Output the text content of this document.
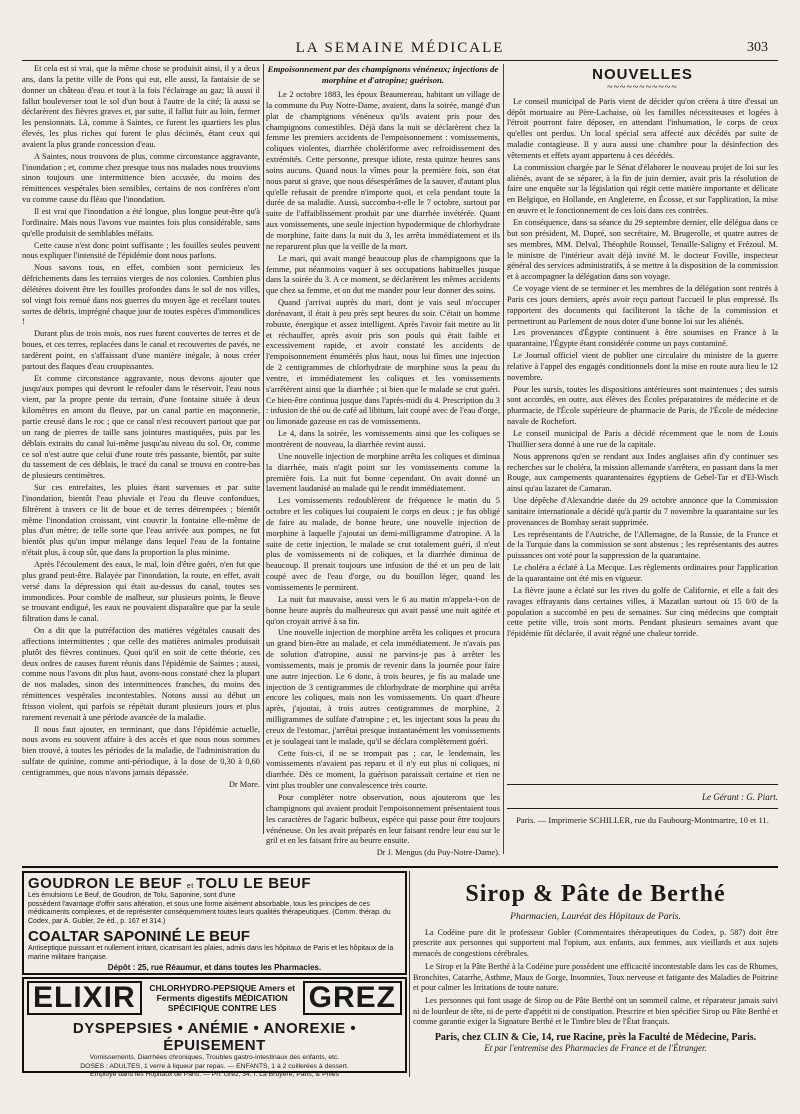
LA SEMAINE MÉDICALE	303

Et cela est si vrai, que la même chose se produisit ainsi, il y a deux ans, dans la petite ville de Pons qui eut, elle aussi, la fantaisie de se donner un château d'eau et tout à la fois l'éclairage au gaz; là aussi il fallut bouleverser tout le sol d'un bout à l'autre de la cité; là aussi se déclarèrent des fièvres graves et, par suite, il fallut fuir au loin, fermer les pensionnats. Là, comme à Saintes, ce furent les quartiers les plus élevés, les plus riches qui furent le plus décimés, étant ceux qui avaient la plus grande concession d'eau.

A Saintes, nous trouvons de plus, comme circonstance aggravante, l'inondation ; et, comme chez presque tous nos malades nous trouvions sinon toujours une intermittence bien accusée, du moins des rémittences vespérales bien sensibles, certains de nos confrères n'ont vu comme cause du fléau que l'inondation.

Il est vrai que l'inondation a été longue, plus longue peut-être qu'à l'ordinaire. Mais nous l'avons vue maintes fois plus considérable, sans qu'elle produisit de semblables méfaits.

Cette cause n'est donc point suffisante ; les fouilles seules peuvent nous expliquer l'intensité de l'épidémie dont nous parlons.

Nous savons tous, en effet, combien sont pernicieux les défrichements dans les terrains vierges de nos colonies. Combien plus délétères doivent être les fouilles profondes dans le sol de nos villes, sol vingt fois remué dans nos guerres du moyen âge et recélant toutes sortes de débris, imprégné chaque jour de toutes espèces d'immondices !

Durant plus de trois mois, nos rues furent couvertes de terres et de boues, et ces terres, replacées dans le canal et recouvertes de pavés, ne tardèrent point, en s'affaissant d'une manière inégale, à nous créer partout des flaques d'eau croupissantes.

Et comme circonstance aggravante, nous devons ajouter que jusqu'aux pompes qui devront le refouler dans le réservoir, l'eau nous vient, par la propre pente du terrain, d'une fontaine située à deux kilomètres en amont du fleuve, par un canal partie en maçonnerie, partie creusé dans le roc ; que ce canal n'est recouvert partout que par un rang de pierres de taille sans jointures mastiquées, puis par les déblais extraits du canal lui-même jusqu'au niveau du sol. Or, comme ce sol n'est autre que celui d'une route très passante, bientôt, par suite du tassement de ces déblais, le tracé du canal se trouva en contre-bas de plusieurs centimètres.

Sur ces entrefaites, les pluies étant survenues et par suite l'inondation, bientôt l'eau pluviale et l'eau du fleuve confondues, filtrèrent à travers ce lit de boue et de terres détrempées ; bientôt même l'inondation croissant, vint couvrir la fontaine elle-même de plus d'un mètre; de telle sorte que l'eau arrivée aux pompes, ne fut bientôt plus qu'un impur mélange dans lequel l'eau de la fontaine n'était plus, à coup sûr, que dans la proportion la plus minime.

Après l'écoulement des eaux, le mal, loin d'être guéri, n'en fut que plus grand peut-être. Balayée par l'inondation, la route, en effet, avait versé dans la dépression qui était au-dessus du canal, toutes ses immondices. Pour comble de malheur, sur plusieurs points, le fleuve se trouvant endigué, les eaux ne pouvaient disparaître que par la seule filtration dans le canal.

On a dit que la putréfaction des matières végétales causait des affections intermittentes ; que celle des matières animales produisait plutôt des fièvres continues. Quoi qu'il en soit de cette théorie, ces deux ordres de causes furent réunis dans l'épidémie de Saintes ; aussi, comme nous l'avons dit plus haut, avons-nous constaté chez la plupart de nos malades, sinon des intermittences franches, du moins des rémittences vespérales incontestables. Notons aussi au début un frisson violent, qui parfois se répétait durant plusieurs jours et plus rarement revenait à une période avancée de la maladie.

Il nous faut ajouter, en terminant, que dans l'épidémie actuelle, nous avons eu souvent affaire à des accès et que nous nous sommes bien trouvé, à toutes les périodes de la maladie, de l'administration du sulfate de quinine, comme anti-périodique, à la dose de 0,30 à 0,60 centigrammes, que nous n'avons jamais dépassée.

Dr More.
Empoisonnement par des champignons vénéneux; injections de morphine et d'atropine; guérison.

Le 2 octobre 1883, les époux Beaumereau, habitant un village de la commune du Puy Notre-Dame, avaient, dans la soirée, mangé d'un plat de champignons vénéneux qu'ils avaient pris pour des champignons comestibles. Déjà dans la nuit se déclarèrent chez la femme les premiers accidents de l'empoisonnement : vomissements, coliques violentes, diarrhée cholériforme avec refroidissement des extrémités. Cette personne, presque idiote, resta quinze heures sans soins aucuns. Quand nous la vîmes pour la première fois, son état nous parut si grave, que nous désespérâmes de la sauver, d'autant plus qu'elle refusait de prendre n'importe quoi, et cela pendant toute la durée de sa maladie. Aussi, succomba-t-elle le 7 octobre, surtout par suite de l'affaiblissement produit par une diarrhée invétérée. Quant aux vomissements, une seule injection hypodermique de chlorhydrate de morphine, faite dans la nuit du 3, les arrêta immédiatement et ils ne reparurent plus que la veille de la mort.

Le mari, qui avait mangé beaucoup plus de champignons que la femme, put néanmoins vaquer à ses occupations habituelles jusque dans la soirée du 3. A ce moment, se déclarèrent les mêmes accidents que chez sa femme, et on dut me mander pour leur donner des soins.

Quand j'arrivai auprès du mari, dont je vais seul m'occuper dorénavant, il était à peu près sept heures du soir. C'était un homme robuste, énergique et assez intelligent. Après l'avoir fait mettre au lit et réchauffer, après avoir pris son pouls qui était faible et excessivement rapide, et avoir constaté les accidents de l'empoisonnement énumérés plus haut, nous lui fîmes une injection de 2 centigrammes de chlorhydrate de morphine sous la peau du ventre, et immédiatement les coliques et les vomissements s'arrêtèrent ainsi que la diarrhée ; si bien que le malade se crut guéri. Ce bien-être continua jusque dans l'après-midi du 4. Prescription du 3 : infusion de thé ou de café ad libitum, lait coupé avec de l'eau d'orge, ou limonade gazeuse en cas de vomissements.

Le 4, dans la soirée, les vomissements ainsi que les coliques se montrèrent de nouveau, la diarrhée revint aussi.

Une nouvelle injection de morphine arrêta les coliques et diminua la diarrhée, mais n'agit point sur les vomissements comme la première fois. La nuit fut bonne cependant. On avait donné un lavement laudanisé au malade qui le rendit immédiatement.

Les vomissements redoublèrent de fréquence le matin du 5 octobre et les coliques lui coupaient le corps en deux ; je fus obligé de faire au malade, de bonne heure, une nouvelle injection de morphine à laquelle j'ajoutai un demi-milligramme d'atropine. A la suite de cette injection, le malade se crut totalement guéri, il n'eut plus de vomissements ni de coliques, et la diarrhée diminua de beaucoup. Il prenait toujours une infusion de thé et un peu de lait coupé avec de l'eau d'orge, ou du bouillon léger, quand les vomissements le permirent.

La nuit fut mauvaise, aussi vers le 6 au matin m'appela-t-on de bonne heure auprès du malheureux qui avait passé une nuit agitée et qu'on croyait arrivé à sa fin.

Une nouvelle injection de morphine arrêta les coliques et procura un grand bien-être au malade, et cela immédiatement. Je n'avais pas de solution d'atropine, aussi ne parvins-je pas à arrêter les vomissements, mais je promis de revenir dans la journée pour faire une autre injection. Le 6 donc, à trois heures, je fis au malade une injection de 3 centigrammes de chlorhydrate de morphine qui arrêta encore les coliques, mais non les vomissements. Un quart d'heure après, j'ajoutai, à trois autres centigrammes de morphine, 2 milligrammes de sulfate d'atropine ; et, les injectant sous la peau du creux de l'estomac, j'arrêtai presque instantanément les vomissements et je soulageai tant le malade, qu'il se déclara complètement guéri.

Cette fois-ci, il ne se trompait pas ; car, le lendemain, les vomissements n'avaient pas reparu et il n'y eut plus ni coliques, ni diarrhée. Dès ce moment, la guérison paraissait certaine et rien ne vint plus troubler une convalescence très courte.

Pour compléter notre observation, nous ajouterons que les champignons qui avaient produit l'empoisonnement présentaient tous les caractères de l'agaric bulbeux, espèce qui passe pour être toujours vénéneuse. On les avait préparés en leur faisant rendre leur eau sur le gril et en les faisant frire au beurre ensuite.

Dr J. Mengus (du Puy-Notre-Dame).
NOUVELLES
~~~~~~~~~~~

Le conseil municipal de Paris vient de décider qu'on créera à titre d'essai un dépôt mortuaire au Père-Lachaise, où les familles nécessiteuses et logées à l'étroit pourront faire déposer, en attendant l'inhumation, le corps de ceux qu'elles ont perdus. Un local spécial sera affecté aux décédés par suite de maladie contagieuse. Il y aura aussi une chambre pour la désinfection des vêtements et effets ayant appartenu à ces décédés.

La commission chargée par le Sénat d'élaborer le nouveau projet de loi sur les aliénés, avant de se séparer, à la fin de juin dernier, avait pris la résolution de faire une enquête sur la législation qui régit cette matière importante et délicate en Belgique, en Hollande, en Angleterre, en Écosse, et sur l'application, la mise en œuvre et le fonctionnement de ces lois dans ces contrées.

En conséquence, dans sa séance du 29 septembre dernier, elle délégua dans ce but son président, M. Dupré, son secrétaire, M. Brugerolle, et quatre autres de ses membres, MM. Delval, Théophile Roussel, Tenaille-Saligny et Frézoul. M. le ministre de l'intérieur avait déjà invité M. le docteur Foville, inspecteur général des services administratifs, à se mettre à la disposition de la commission et à accompagner la délégation dans son voyage.

Ce voyage vient de se terminer et les membres de la délégation sont rentrés à Paris ces jours derniers, après avoir reçu partout l'accueil le plus empressé. Ils rapportent des documents qui faciliteront la tâche de la commission et permettront au Parlement de nous doter d'une bonne loi sur les aliénés.

Les provenances d'Égypte continuent à être soumises en France à la quarantaine, l'Égypte étant considérée comme un pays contaminé.

Le Journal officiel vient de publier une circulaire du ministre de la guerre relative à l'appel des engagés conditionnels dont la mise en route aura lieu le 12 novembre.

Pour les sursis, toutes les dispositions antérieures sont maintenues ; des sursis sont accordés, en outre, aux élèves des Écoles préparatoires de médecine et de pharmacie, de l'École supérieure de pharmacie de Paris, de l'École de médecine navale de Rochefort.

Le conseil municipal de Paris a décidé récemment que le nom de Louis Thuillier sera donné à une rue de la capitale.

Nous apprenons qu'en se rendant aux Indes anglaises afin d'y continuer ses recherches sur le choléra, la mission allemande s'arrêtera, en passant dans la mer Rouge, aux campements quarantenaires égyptiens de Gebel-Tar et d'El-Wisch ainsi qu'au lazaret de Camaran.

Une dépêche d'Alexandrie datée du 29 octobre annonce que la Commission sanitaire internationale a décidé qu'à partir du 7 novembre la quarantaine sur les provenances de Bombay serait supprimée.

Les représentants de l'Autriche, de l'Allemagne, de la Russie, de la France et de la Turquie dans la commission se sont abstenus ; les représentants des autres puissances ont voté pour la suppression de la quarantaine.

Le choléra a éclaté à La Mecque. Les règlements ordinaires pour l'application de la quarantaine ont été mis en vigueur.

La fièvre jaune a éclaté sur les rives du golfe de Californie, et elle a fait des ravages effrayants dans certaines villes, à Mazatlan surtout où 15 0/0 de la population a succombé en peu de semaines. Sur cinq médecins que comptait cette petite ville, trois sont morts. Pendant plusieurs semaines avant que l'épidémie fût déclarée, il avait régné une chaleur torride.

Le Gérant : G. Piart.
Paris. — Imprimerie SCHILLER, rue du Faubourg-Montmartre, 10 et 11.
GOUDRON LE BEUF et TOLU LE BEUF
Les émulsions Le Beuf, de Goudron, de Tolu, Saponine, sont d'une
possèdent l'avantage d'offrir sans altération, et sous une forme aisément absorbable, tous les principes de ces médicaments complexes, et de représenter conséquemment toutes leurs qualités thérapeutiques. (Comm. thérap. du Codex, par A. Gubler, 2e éd., p. 167 et 314.)
COALTAR SAPONINÉ LE BEUF
Antiseptique puissant et nullement irritant, cicatrisant les plaies, admis dans les hôpitaux de Paris et les hôpitaux de la marine militaire française.
Dépôt : 25, rue Réaumur, et dans toutes les Pharmacies.
ELIXIR	CHLORHYDRO-PEPSIQUE Amers et Ferments digestifs MÉDICATION SPÉCIFIQUE CONTRE LES	GREZ
DYSPEPSIES • ANÉMIE • ANOREXIE • ÉPUISEMENT
Vomissements, Diarrhées chroniques, Troubles gastro-intestinaux des enfants, etc.
DOSES : ADULTES, 1 verre à liqueur par repas. — ENFANTS, 1 à 2 cuillerées à dessert.
Employé dans les Hôpitaux de Paris. — Ph. Grez, 34, r. La Bruyère, Paris, & Phies
Sirop & Pâte de Berthé
Pharmacien, Lauréat des Hôpitaux de Paris.

La Codéine pure dit le professeur Gubler (Commentaires thérapeutiques du Codex, p. 587) doit être prescrite aux personnes qui supportent mal l'opium, aux enfants, aux femmes, aux vieillards et aux sujets menacés de congestions cérébrales.

Le Sirop et la Pâte Berthé à la Codéine pure possèdent une efficacité incontestable dans les cas de Rhumes, Bronchites, Catarrhe, Asthme, Maux de Gorge, Insomnies, Toux nerveuse et fatigante des Maladies de Poitrine et pour calmer les Irritations de toute nature.

Les personnes qui font usage de Sirop ou de Pâte Berthé ont un sommeil calme, et réparateur jamais suivi ni de lourdeur de tête, ni de perte d'appétit ni de constipation. Prescrire et bien spécifier Sirop ou Pâte Berthé et comme garantie exiger la Signature Berthé et le Timbre bleu de l'État français.

Paris, chez CLIN & Cie, 14, rue Racine, près la Faculté de Médecine, Paris.
Et par l'entremise des Pharmacies de France et de l'Étranger.
